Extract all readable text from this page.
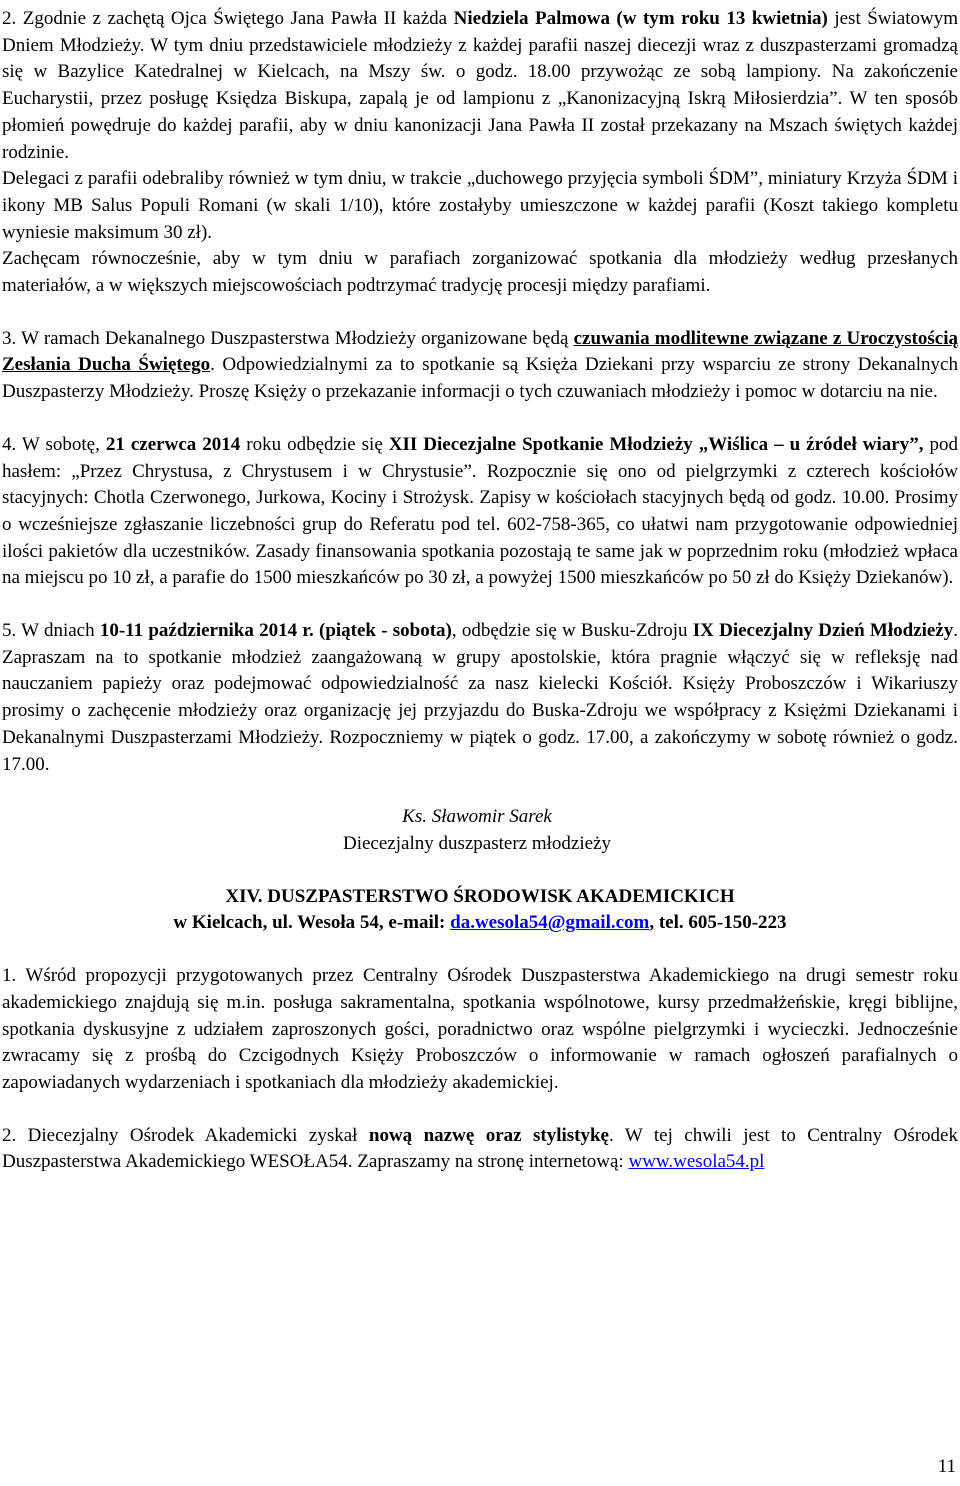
2. Zgodnie z zachętą Ojca Świętego Jana Pawła II każda Niedziela Palmowa (w tym roku 13 kwietnia) jest Światowym Dniem Młodzieży. W tym dniu przedstawiciele młodzieży z każdej parafii naszej diecezji wraz z duszpasterzami gromadzą się w Bazylice Katedralnej w Kielcach, na Mszy św. o godz. 18.00 przywożąc ze sobą lampiony. Na zakończenie Eucharystii, przez posługę Księdza Biskupa, zapalą je od lampionu z „Kanonizacyjną Iskrą Miłosierdzia”. W ten sposób płomień powędruje do każdej parafii, aby w dniu kanonizacji Jana Pawła II został przekazany na Mszach świętych każdej rodzinie.

Delegaci z parafii odebraliby również w tym dniu, w trakcie „duchowego przyjęcia symboli ŚDM”, miniatury Krzyża ŚDM i ikony MB Salus Populi Romani (w skali 1/10), które zostałyby umieszczone w każdej parafii (Koszt takiego kompletu wyniesie maksimum 30 zł).

Zachęcam równocześnie, aby w tym dniu w parafiach zorganizować spotkania dla młodzieży według przesłanych materiałów, a w większych miejscowościach podtrzymać tradycję procesji między parafiami.

3. W ramach Dekanalnego Duszpasterstwa Młodzieży organizowane będą czuwania modlitewne związane z Uroczystością Zesłania Ducha Świętego. Odpowiedzialnymi za to spotkanie są Księża Dziekani przy wsparciu ze strony Dekanalnych Duszpasterzy Młodzieży. Proszę Księży o przekazanie informacji o tych czuwaniach młodzieży i pomoc w dotarciu na nie.

4. W sobotę, 21 czerwca 2014 roku odbędzie się XII Diecezjalne Spotkanie Młodzieży „Wiślica – u źródeł wiary”, pod hasłem: „Przez Chrystusa, z Chrystusem i w Chrystusie”. Rozpocznie się ono od pielgrzymki z czterech kościołów stacyjnych: Chotla Czerwonego, Jurkowa, Kociny i Strożysk. Zapisy w kościołach stacyjnych będą od godz. 10.00. Prosimy o wcześniejsze zgłaszanie liczebności grup do Referatu pod tel. 602-758-365, co ułatwi nam przygotowanie odpowiedniej ilości pakietów dla uczestników. Zasady finansowania spotkania pozostają te same jak w poprzednim roku (młodzież wpłaca na miejscu po 10 zł, a parafie do 1500 mieszkańców po 30 zł, a powyżej 1500 mieszkańców po 50 zł do Księży Dziekanów).

5. W dniach 10-11 października 2014 r. (piątek - sobota), odbędzie się w Busku-Zdroju IX Diecezjalny Dzień Młodzieży. Zapraszam na to spotkanie młodzież zaangażowaną w grupy apostolskie, która pragnie włączyć się w refleksję nad nauczaniem papieży oraz podejmować odpowiedzialność za nasz kielecki Kościół. Księży Proboszczów i Wikariuszy prosimy o zachęcenie młodzieży oraz organizację jej przyjazdu do Buska-Zdroju we współpracy z Księżmi Dziekanami i Dekanalnymi Duszpasterzami Młodzieży. Rozpoczniemy w piątek o godz. 17.00, a zakończymy w sobotę również o godz. 17.00.

Ks. Sławomir Sarek

Diecezjalny duszpasterz młodzieży

XIV. DUSZPASTERSTWO ŚRODOWISK AKADEMICKICH

w Kielcach, ul. Wesoła 54, e-mail: da.wesola54@gmail.com, tel. 605-150-223

1. Wśród propozycji przygotowanych przez Centralny Ośrodek Duszpasterstwa Akademickiego na drugi semestr roku akademickiego znajdują się m.in. posługa sakramentalna, spotkania wspólnotowe, kursy przedmałżeńskie, kręgi biblijne, spotkania dyskusyjne z udziałem zaproszonych gości, poradnictwo oraz wspólne pielgrzymki i wycieczki. Jednocześnie zwracamy się z prośbą do Czcigodnych Księży Proboszczów o informowanie w ramach ogłoszeń parafialnych o zapowiadanych wydarzeniach i spotkaniach dla młodzieży akademickiej.

2. Diecezjalny Ośrodek Akademicki zyskał nową nazwę oraz stylistykę. W tej chwili jest to Centralny Ośrodek Duszpasterstwa Akademickiego WESOŁA54. Zapraszamy na stronę internetową: www.wesola54.pl

11
